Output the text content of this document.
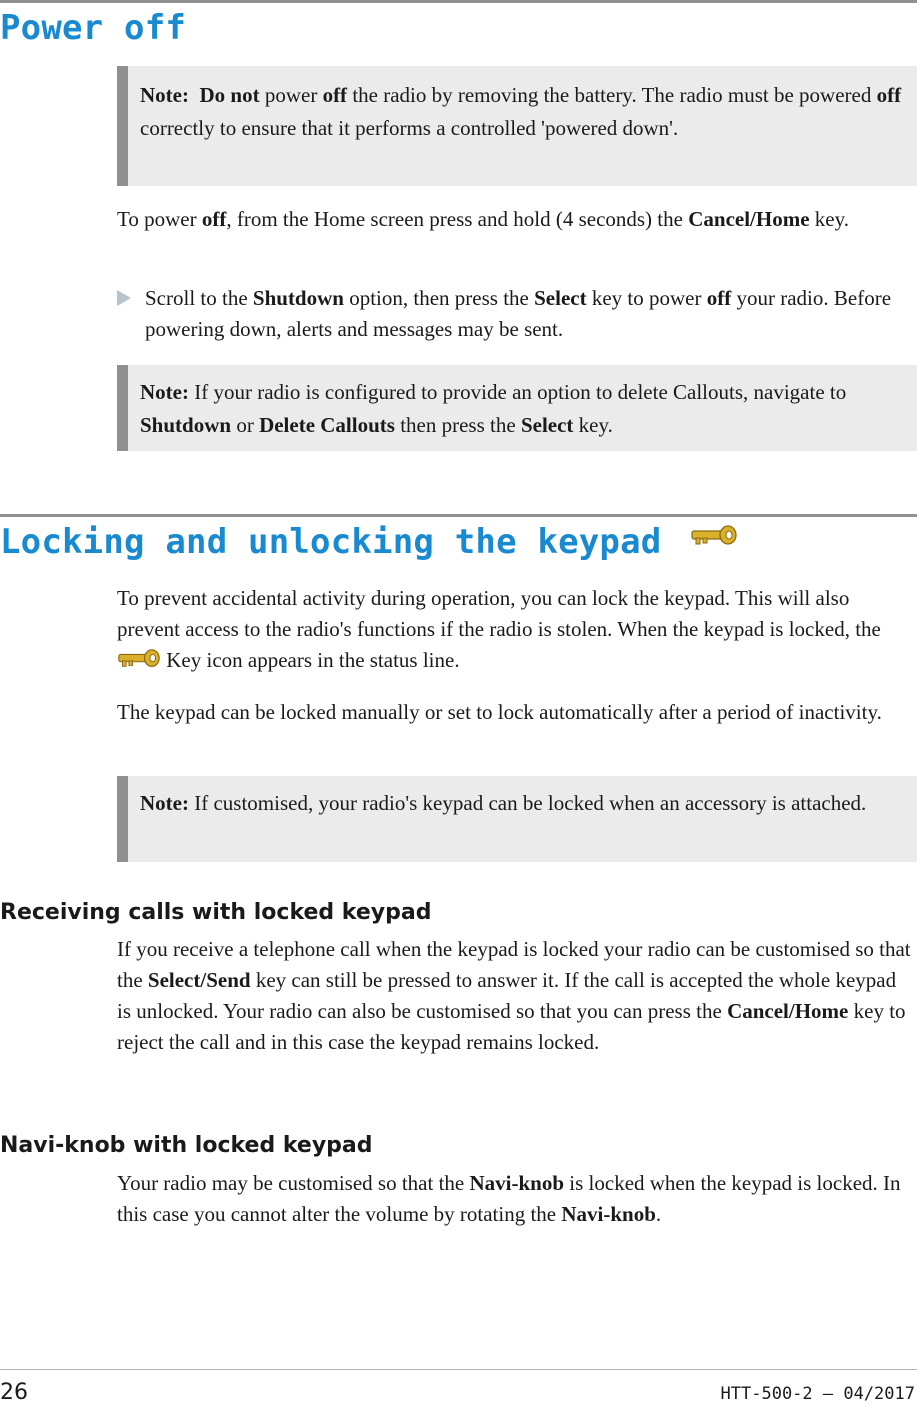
Power off
Note: Do not power off the radio by removing the battery. The radio must be powered off correctly to ensure that it performs a controlled 'powered down'.

To power off, from the Home screen press and hold (4 seconds) the Cancel/Home key.

Scroll to the Shutdown option, then press the Select key to power off your radio. Before powering down, alerts and messages may be sent.

Note: If your radio is configured to provide an option to delete Callouts, navigate to Shutdown or Delete Callouts then press the Select key.
Locking and unlocking the keypad

To prevent accidental activity during operation, you can lock the keypad. This will also prevent access to the radio's functions if the radio is stolen. When the keypad is locked, the  Key icon appears in the status line.

The keypad can be locked manually or set to lock automatically after a period of inactivity.

Note: If customised, your radio's keypad can be locked when an accessory is attached.
Receiving calls with locked keypad

If you receive a telephone call when the keypad is locked your radio can be customised so that the Select/Send key can still be pressed to answer it. If the call is accepted the whole keypad is unlocked. Your radio can also be customised so that you can press the Cancel/Home key to reject the call and in this case the keypad remains locked.

Navi-knob with locked keypad

Your radio may be customised so that the Navi-knob is locked when the keypad is locked. In this case you cannot alter the volume by rotating the Navi-knob.

26	HTT-500-2 – 04/2017
